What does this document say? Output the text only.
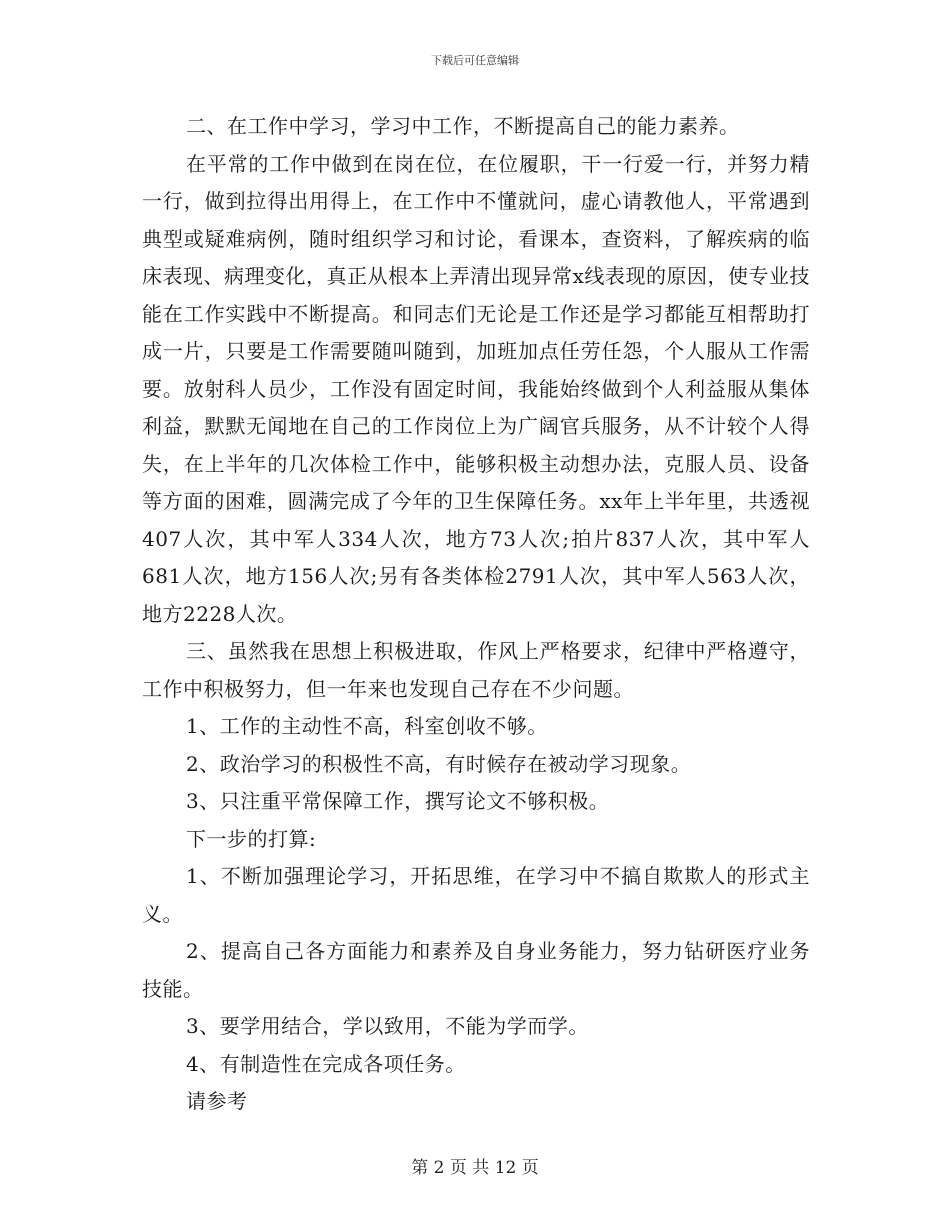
下载后可任意编辑

二、在工作中学习，学习中工作，不断提高自己的能力素养。

在平常的工作中做到在岗在位，在位履职，干一行爱一行，并努力精一行，做到拉得出用得上，在工作中不懂就问，虚心请教他人，平常遇到典型或疑难病例，随时组织学习和讨论，看课本，查资料，了解疾病的临床表现、病理变化，真正从根本上弄清出现异常x线表现的原因，使专业技能在工作实践中不断提高。和同志们无论是工作还是学习都能互相帮助打成一片，只要是工作需要随叫随到，加班加点任劳任怨，个人服从工作需要。放射科人员少，工作没有固定时间，我能始终做到个人利益服从集体利益，默默无闻地在自己的工作岗位上为广阔官兵服务，从不计较个人得失，在上半年的几次体检工作中，能够积极主动想办法，克服人员、设备等方面的困难，圆满完成了今年的卫生保障任务。xx年上半年里，共透视407人次，其中军人334人次，地方73人次;拍片837人次，其中军人 681人次，地方156人次;另有各类体检2791人次，其中军人563人次，地方2228人次。

三、虽然我在思想上积极进取，作风上严格要求，纪律中严格遵守，工作中积极努力，但一年来也发现自己存在不少问题。

1、工作的主动性不高，科室创收不够。

2、政治学习的积极性不高，有时候存在被动学习现象。

3、只注重平常保障工作，撰写论文不够积极。

下一步的打算:

1、不断加强理论学习，开拓思维，在学习中不搞自欺欺人的形式主义。

2、提高自己各方面能力和素养及自身业务能力，努力钻研医疗业务技能。

3、要学用结合，学以致用，不能为学而学。

4、有制造性在完成各项任务。

请参考

第 2 页 共 12 页
